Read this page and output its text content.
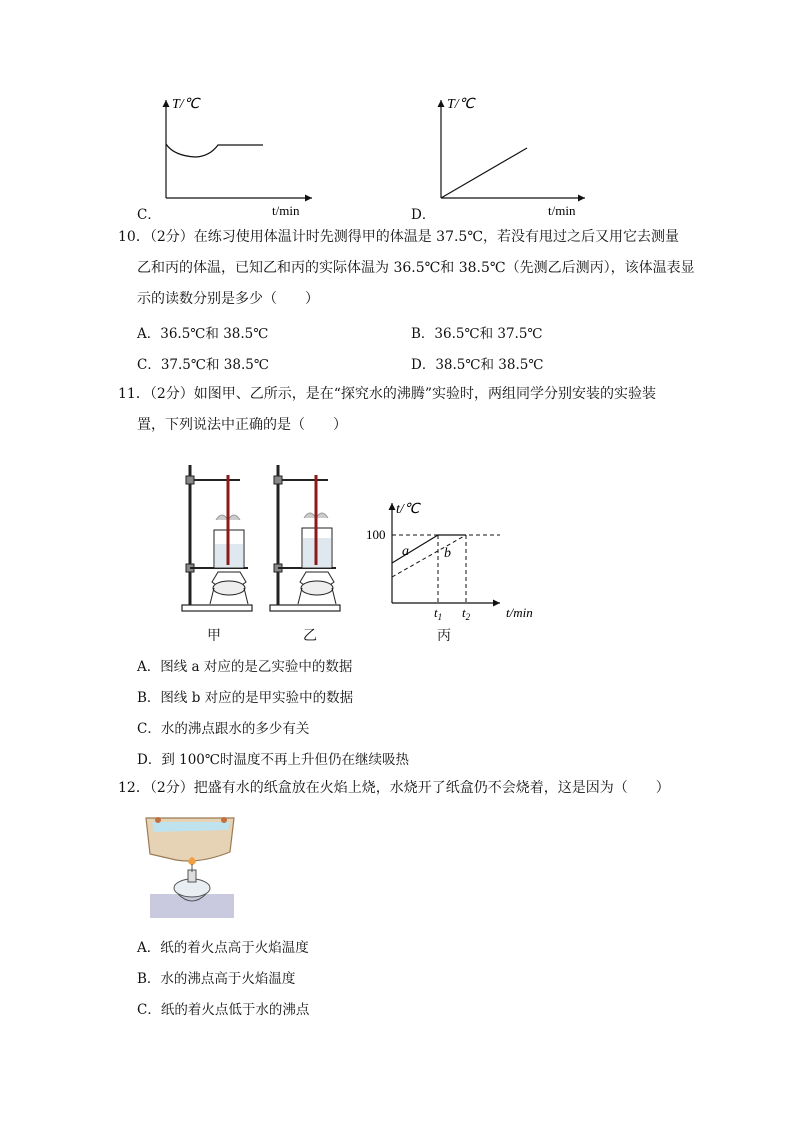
T/℃
t/min
C．
T/℃
t/min
D．
10．（2分）在练习使用体温计时先测得甲的体温是 37.5℃，若没有甩过之后又用它去测量
乙和丙的体温，已知乙和丙的实际体温为 36.5℃和 38.5℃（先测乙后测丙），该体温表显
示的读数分别是多少（　　）
A．36.5℃和 38.5℃	B．36.5℃和 37.5℃
C．37.5℃和 38.5℃	D．38.5℃和 38.5℃
11．（2分）如图甲、乙所示，是在“探究水的沸腾”实验时，两组同学分别安装的实验装
置，下列说法中正确的是（　　）
甲	乙
t/℃
100
a	b
$t_1$ $t_2$	t/min
丙
A．图线 a 对应的是乙实验中的数据
B．图线 b 对应的是甲实验中的数据
C．水的沸点跟水的多少有关
D．到 100℃时温度不再上升但仍在继续吸热
12．（2分）把盛有水的纸盒放在火焰上烧，水烧开了纸盒仍不会烧着，这是因为（　　）
A．纸的着火点高于火焰温度
B．水的沸点高于火焰温度
C．纸的着火点低于水的沸点
